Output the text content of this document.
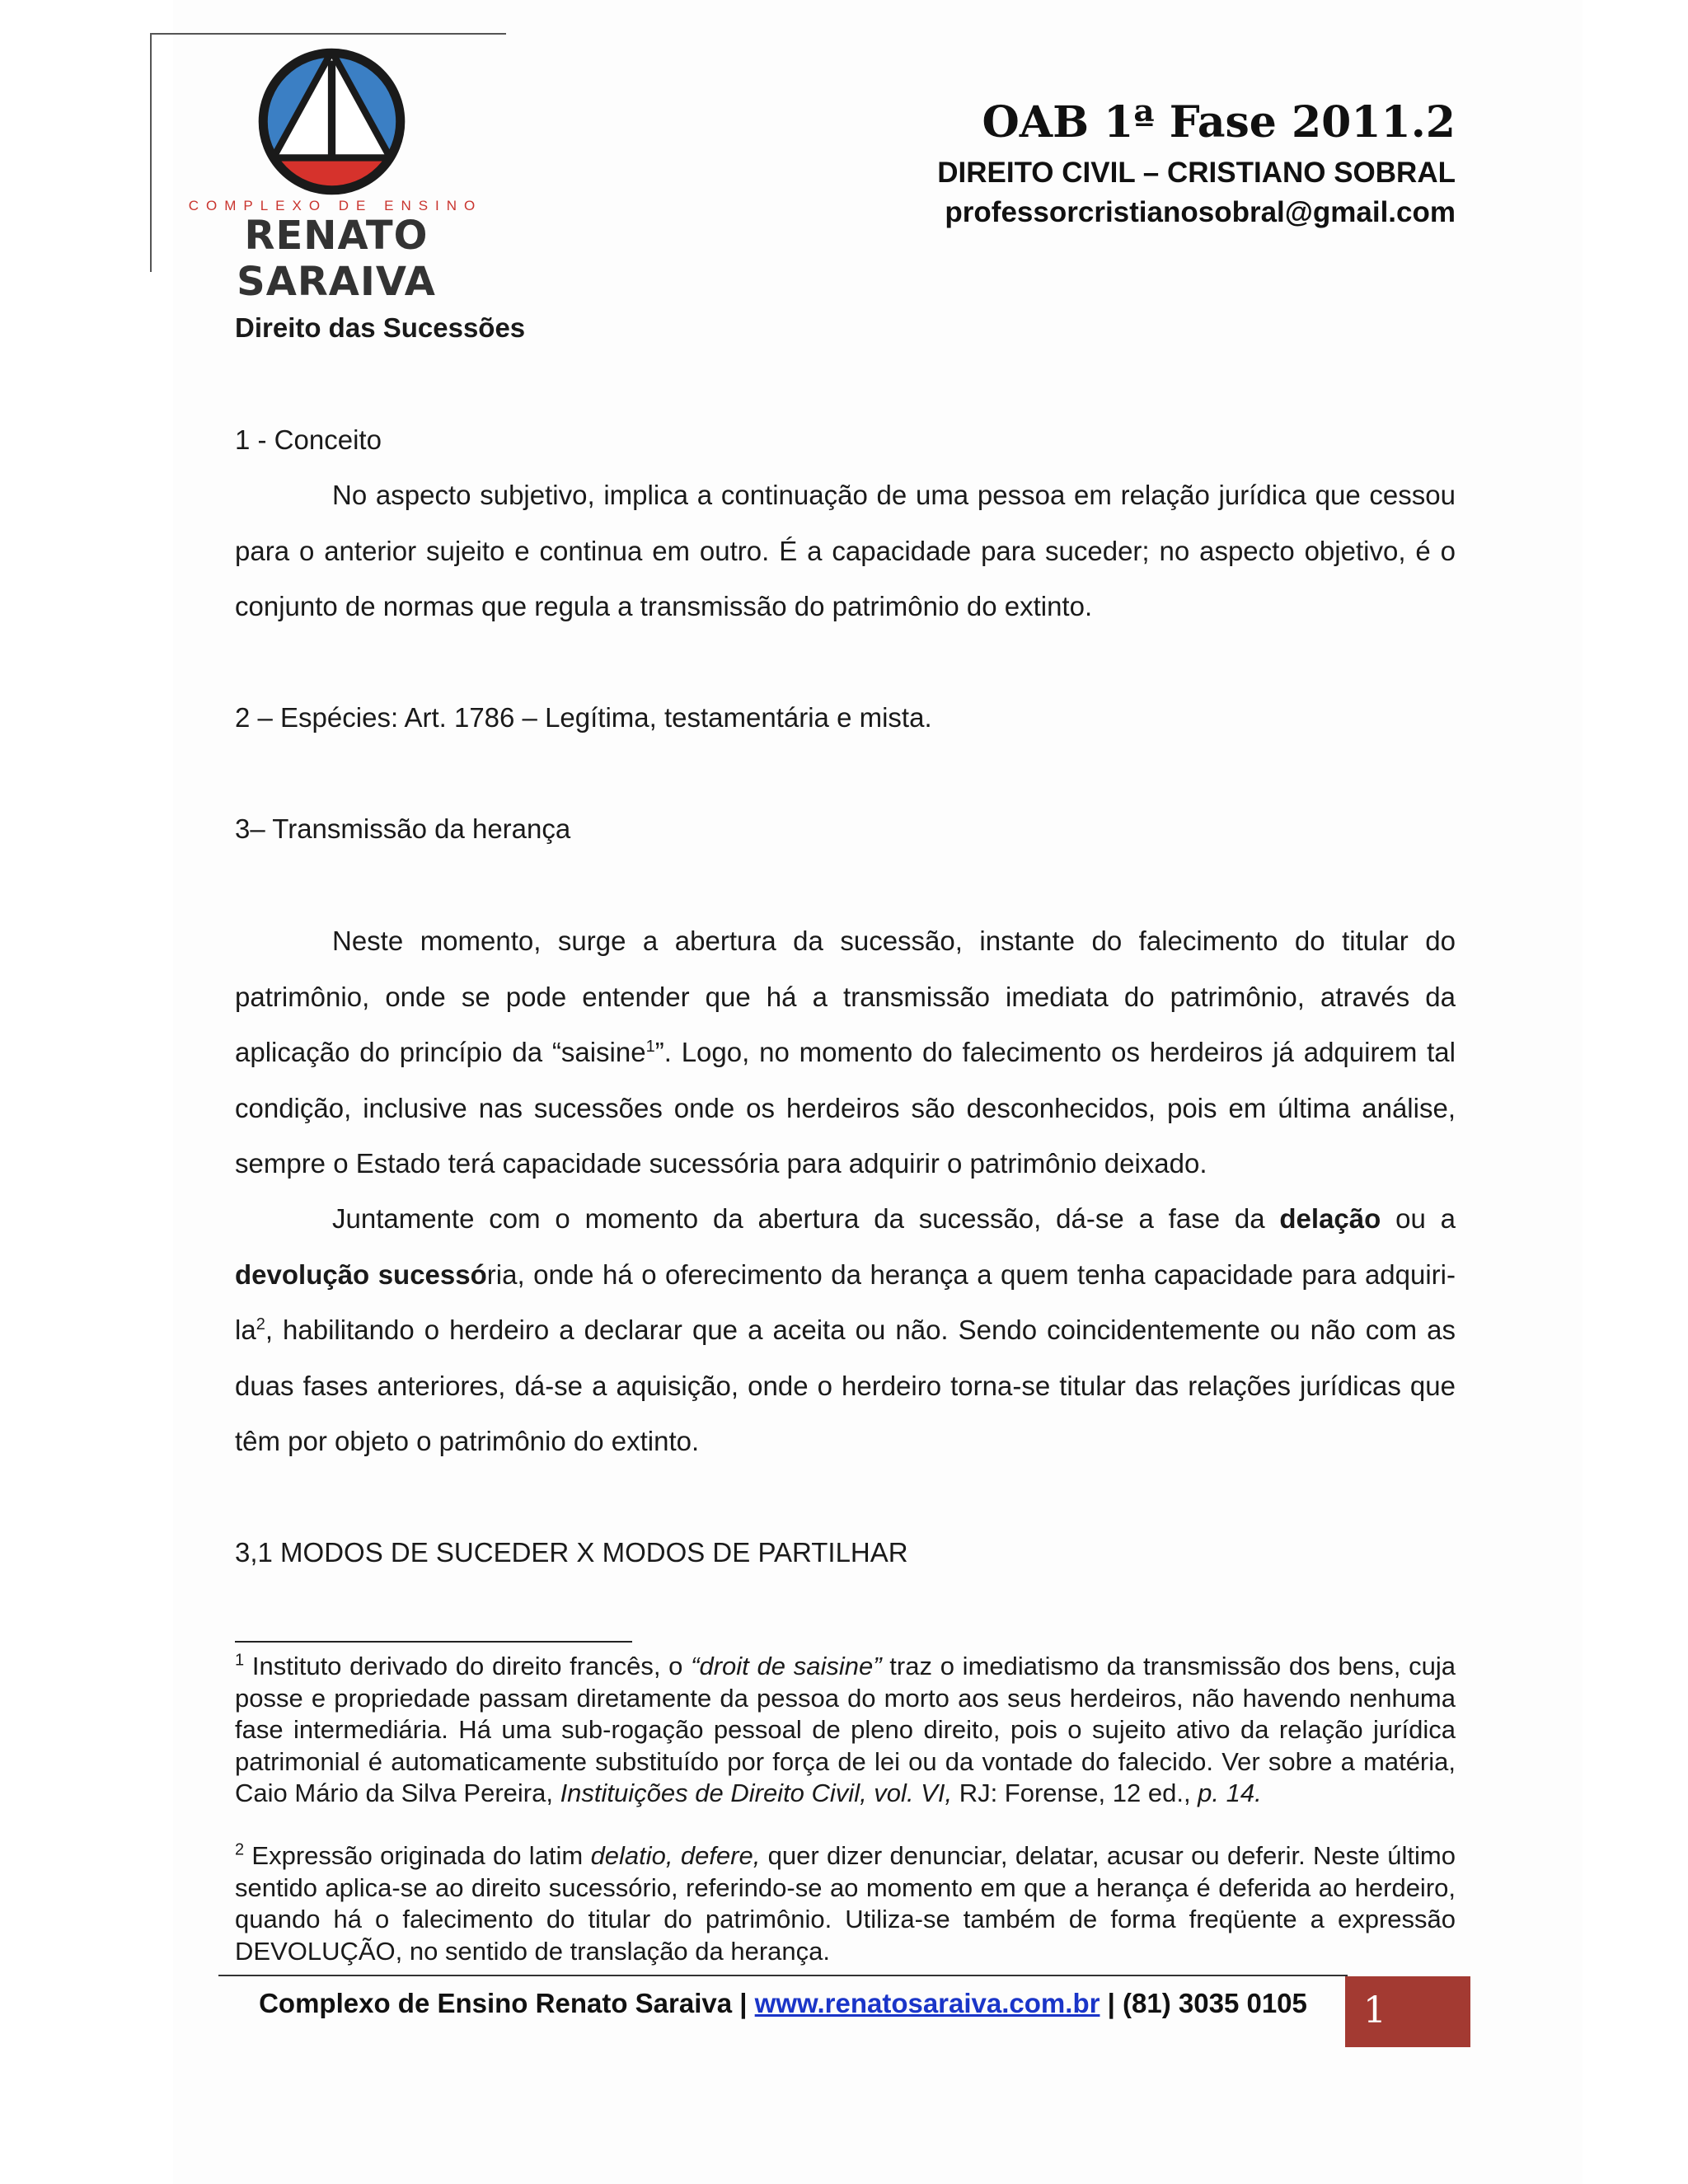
COMPLEXO DE ENSINO
RENATO SARAIVA
OAB 1ª Fase 2011.2
DIREITO CIVIL – CRISTIANO SOBRAL
professorcristianosobral@gmail.com
Direito das Sucessões
1 - Conceito
No aspecto subjetivo, implica a continuação de uma pessoa em relação jurídica que cessou para o anterior sujeito e continua em outro. É a capacidade para suceder; no aspecto objetivo, é o conjunto de normas que regula a transmissão do patrimônio do extinto.
2 – Espécies: Art. 1786 – Legítima, testamentária e mista.
3– Transmissão da herança
Neste momento, surge a abertura da sucessão, instante do falecimento do titular do patrimônio, onde se pode entender que há a transmissão imediata do patrimônio, através da aplicação do princípio da “saisine$^1$”. Logo, no momento do falecimento os herdeiros já adquirem tal condição, inclusive nas sucessões onde os herdeiros são desconhecidos, pois em última análise, sempre o Estado terá capacidade sucessória para adquirir o patrimônio deixado.
Juntamente com o momento da abertura da sucessão, dá-se a fase da delação ou a devolução sucessória, onde há o oferecimento da herança a quem tenha capacidade para adquiri-$la^2$, habilitando o herdeiro a declarar que a aceita ou não. Sendo coincidentemente ou não com as duas fases anteriores, dá-se a aquisição, onde o herdeiro torna-se titular das relações jurídicas que têm por objeto o patrimônio do extinto.
3,1 MODOS DE SUCEDER X MODOS DE PARTILHAR
$^1$ Instituto derivado do direito francês, o “droit de saisine” traz o imediatismo da transmissão dos bens, cuja posse e propriedade passam diretamente da pessoa do morto aos seus herdeiros, não havendo nenhuma fase intermediária. Há uma sub-rogação pessoal de pleno direito, pois o sujeito ativo da relação jurídica patrimonial é automaticamente substituído por força de lei ou da vontade do falecido. Ver sobre a matéria, Caio Mário da Silva Pereira, Instituições de Direito Civil, vol. VI, RJ: Forense, 12 ed., p. 14.
$^2$ Expressão originada do latim delatio, defere, quer dizer denunciar, delatar, acusar ou deferir. Neste último sentido aplica-se ao direito sucessório, referindo-se ao momento em que a herança é deferida ao herdeiro, quando há o falecimento do titular do patrimônio. Utiliza-se também de forma freqüente a expressão DEVOLUÇÃO, no sentido de translação da herança.
Complexo de Ensino Renato Saraiva | www.renatosaraiva.com.br | (81) 3035 0105	1
